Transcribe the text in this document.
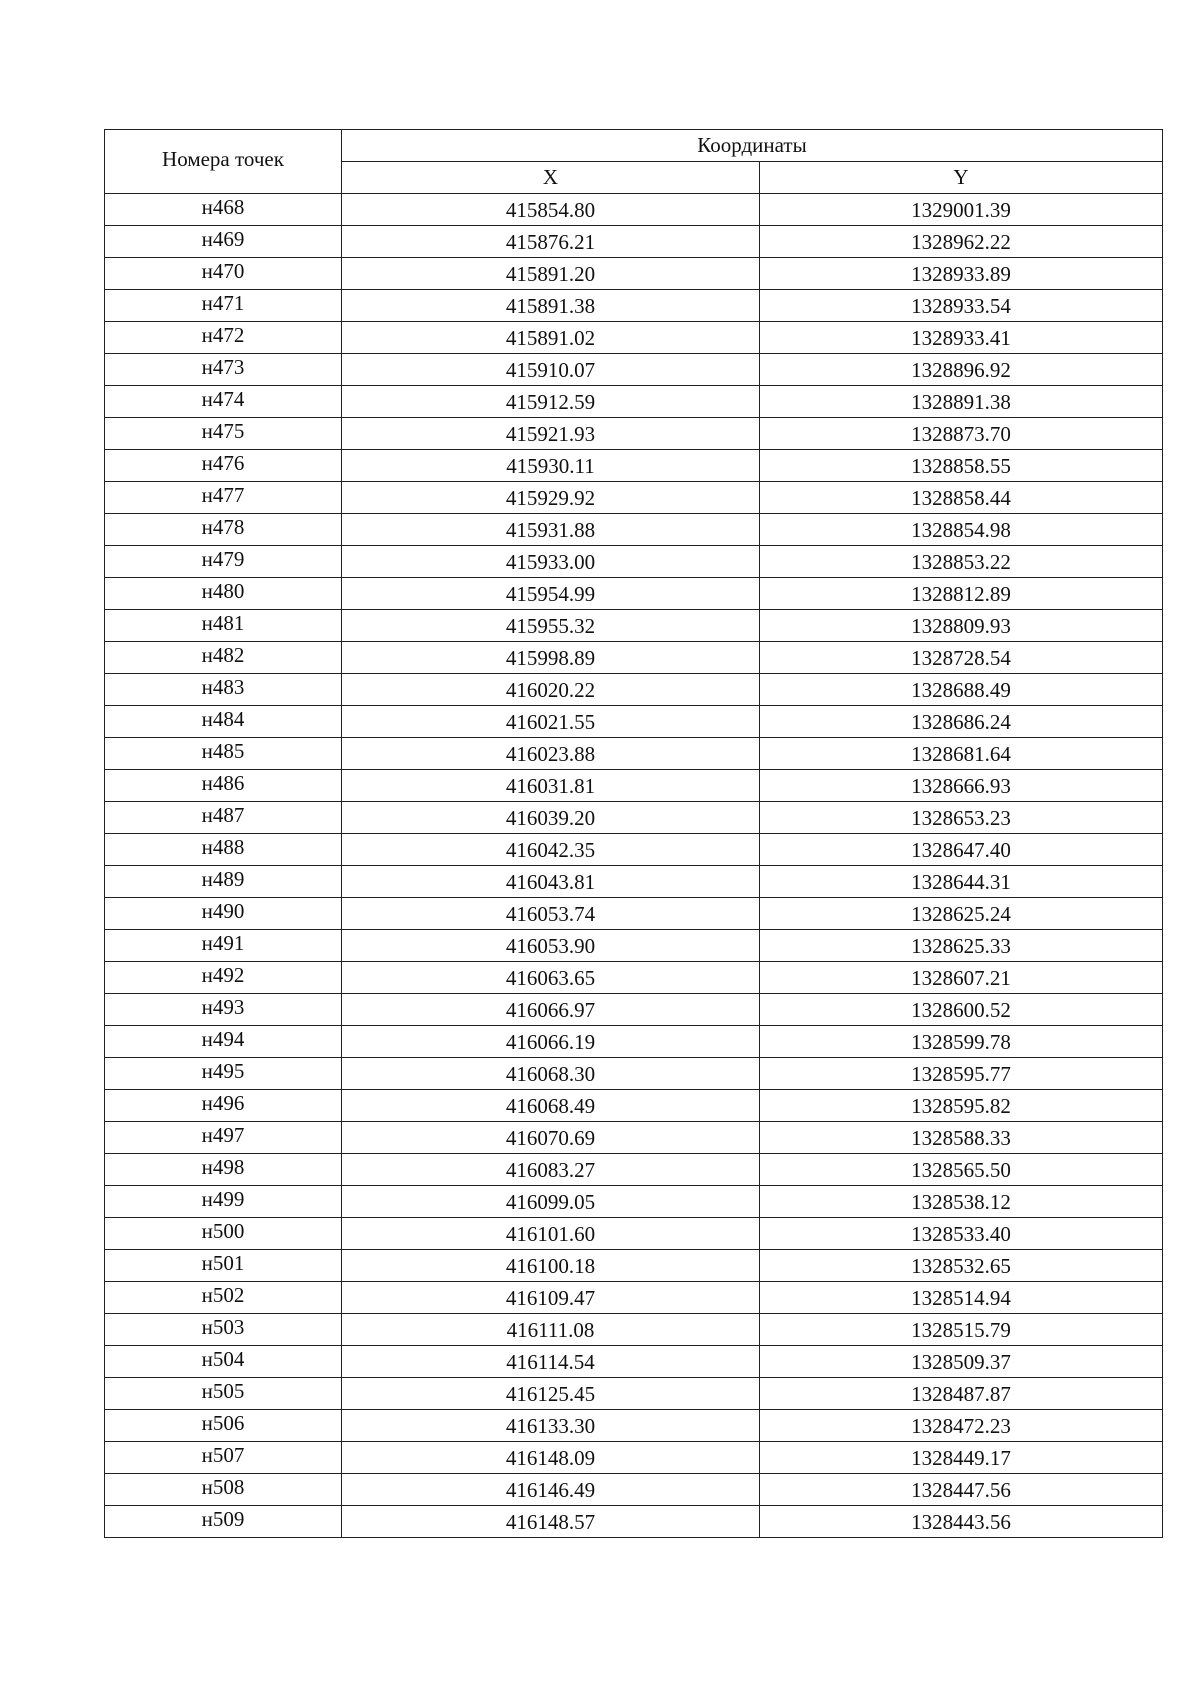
Номера точек	Координаты	
	X	Y
н468	415854.80	1329001.39
н469	415876.21	1328962.22
н470	415891.20	1328933.89
н471	415891.38	1328933.54
н472	415891.02	1328933.41
н473	415910.07	1328896.92
н474	415912.59	1328891.38
н475	415921.93	1328873.70
н476	415930.11	1328858.55
н477	415929.92	1328858.44
н478	415931.88	1328854.98
н479	415933.00	1328853.22
н480	415954.99	1328812.89
н481	415955.32	1328809.93
н482	415998.89	1328728.54
н483	416020.22	1328688.49
н484	416021.55	1328686.24
н485	416023.88	1328681.64
н486	416031.81	1328666.93
н487	416039.20	1328653.23
н488	416042.35	1328647.40
н489	416043.81	1328644.31
н490	416053.74	1328625.24
н491	416053.90	1328625.33
н492	416063.65	1328607.21
н493	416066.97	1328600.52
н494	416066.19	1328599.78
н495	416068.30	1328595.77
н496	416068.49	1328595.82
н497	416070.69	1328588.33
н498	416083.27	1328565.50
н499	416099.05	1328538.12
н500	416101.60	1328533.40
н501	416100.18	1328532.65
н502	416109.47	1328514.94
н503	416111.08	1328515.79
н504	416114.54	1328509.37
н505	416125.45	1328487.87
н506	416133.30	1328472.23
н507	416148.09	1328449.17
н508	416146.49	1328447.56
н509	416148.57	1328443.56
